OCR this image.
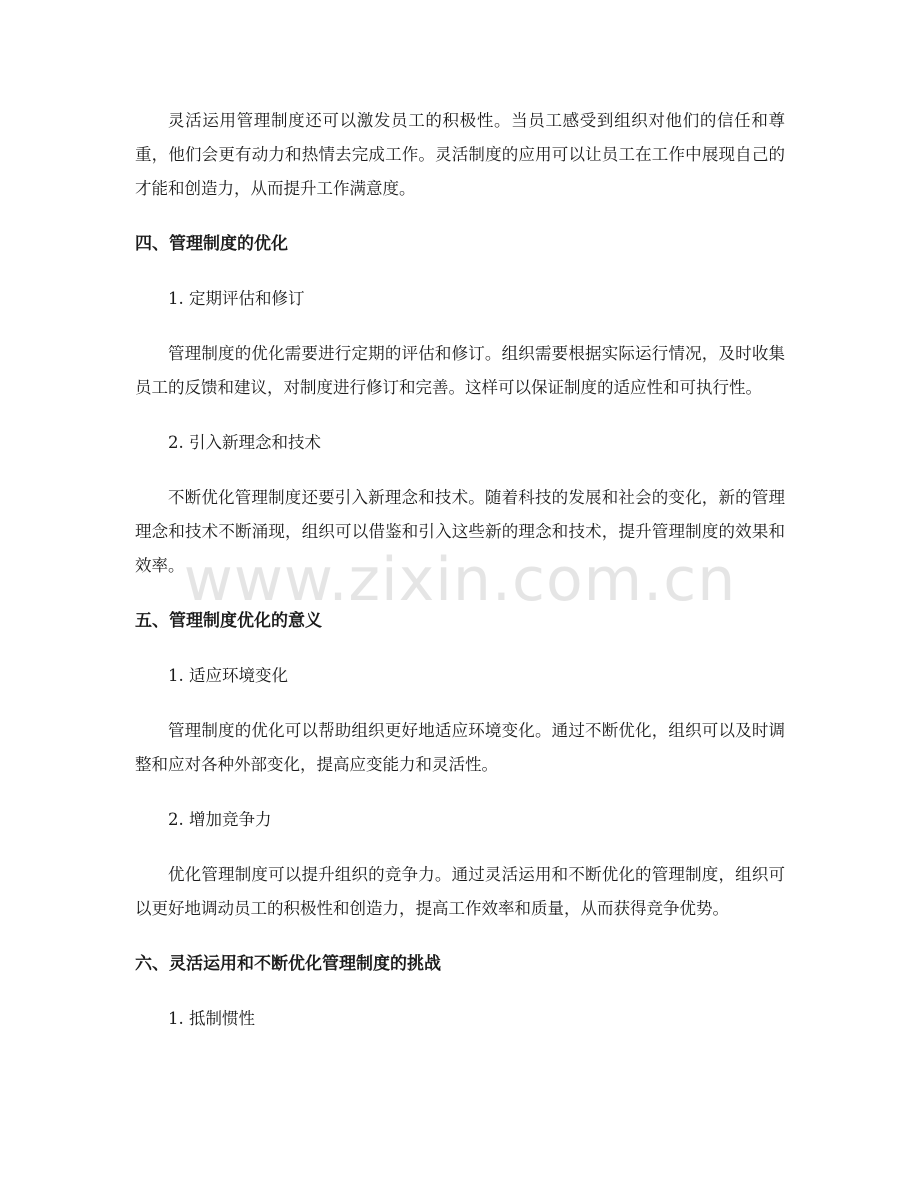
灵活运用管理制度还可以激发员工的积极性。当员工感受到组织对他们的信任和尊重，他们会更有动力和热情去完成工作。灵活制度的应用可以让员工在工作中展现自己的才能和创造力，从而提升工作满意度。

四、管理制度的优化
1. 定期评估和修订

管理制度的优化需要进行定期的评估和修订。组织需要根据实际运行情况，及时收集员工的反馈和建议，对制度进行修订和完善。这样可以保证制度的适应性和可执行性。

2. 引入新理念和技术

不断优化管理制度还要引入新理念和技术。随着科技的发展和社会的变化，新的管理理念和技术不断涌现，组织可以借鉴和引入这些新的理念和技术，提升管理制度的效果和效率。

五、管理制度优化的意义
1. 适应环境变化

管理制度的优化可以帮助组织更好地适应环境变化。通过不断优化，组织可以及时调整和应对各种外部变化，提高应变能力和灵活性。

2. 增加竞争力

优化管理制度可以提升组织的竞争力。通过灵活运用和不断优化的管理制度，组织可以更好地调动员工的积极性和创造力，提高工作效率和质量，从而获得竞争优势。

六、灵活运用和不断优化管理制度的挑战
1. 抵制惯性
www.zixin.com.cn
